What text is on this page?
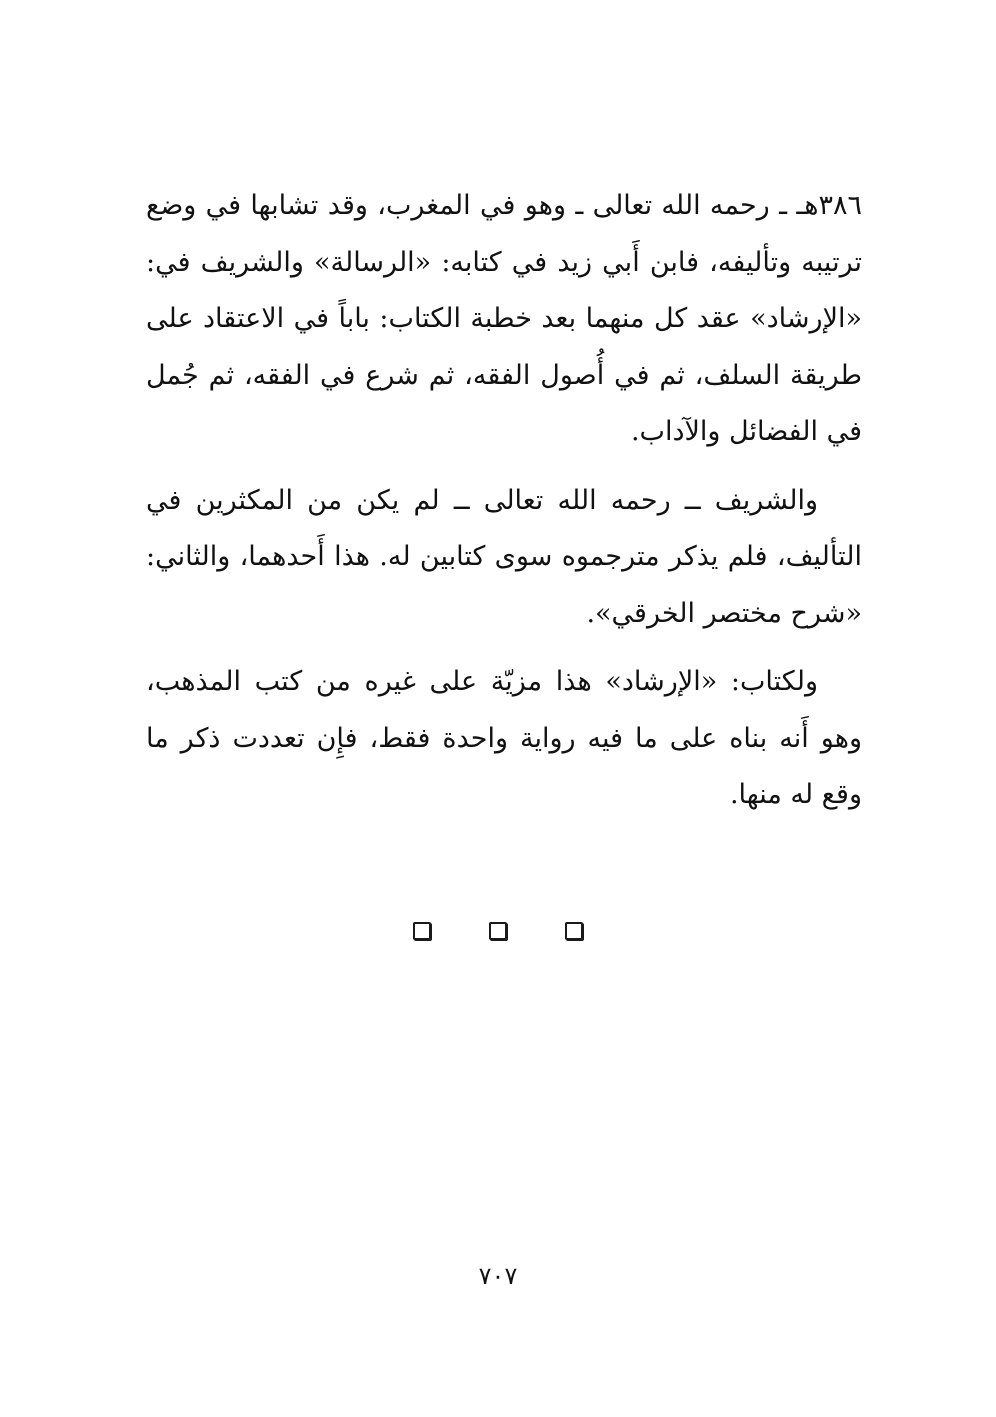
٣٨٦هـ ـ رحمه الله تعالى ـ وهو في المغرب، وقد تشابها في وضع ترتيبه وتأليفه، فابن أَبي زيد في كتابه: «الرسالة» والشريف في: «الإرشاد» عقد كل منهما بعد خطبة الكتاب: باباً في الاعتقاد على طريقة السلف، ثم في أُصول الفقه، ثم شرع في الفقه، ثم جُمل في الفضائل والآداب.

والشريف ــ رحمه الله تعالى ــ لم يكن من المكثرين في التأليف، فلم يذكر مترجموه سوى كتابين له. هذا أَحدهما، والثاني: «شرح مختصر الخرقي».

ولكتاب: «الإرشاد» هذا مزيّة على غيره من كتب المذهب، وهو أَنه بناه على ما فيه رواية واحدة فقط، فإِن تعددت ذكر ما وقع له منها.

٧٠٧
